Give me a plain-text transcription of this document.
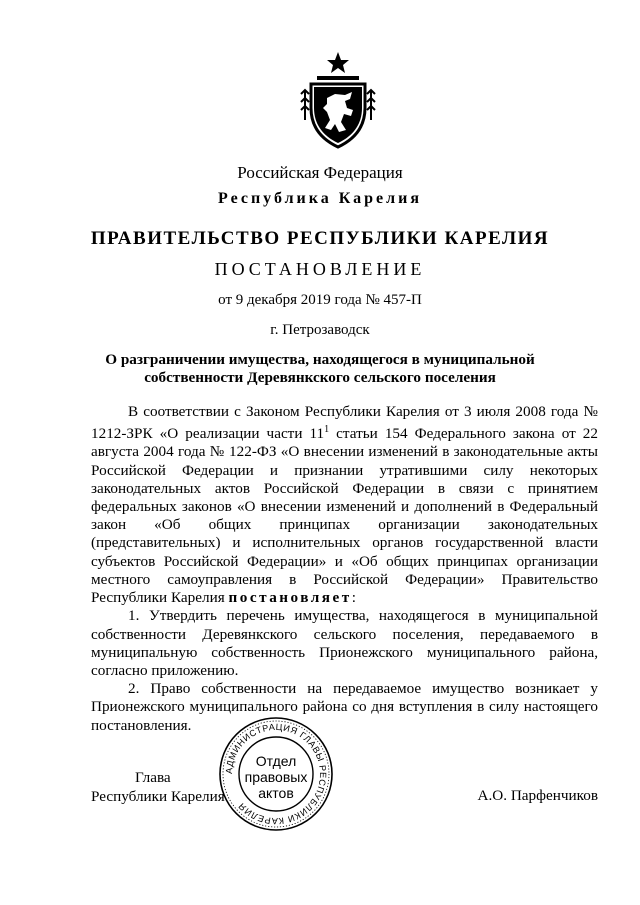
Российская Федерация
Республика Карелия
ПРАВИТЕЛЬСТВО РЕСПУБЛИКИ КАРЕЛИЯ
ПОСТАНОВЛЕНИЕ
от 9 декабря 2019 года № 457-П
г. Петрозаводск
О разграничении имущества, находящегося в муниципальной
собственности Деревянкского сельского поселения

В соответствии с Законом Республики Карелия от 3 июля 2008 года № 1212-ЗРК «О реализации части $11^1$ статьи 154 Федерального закона от 22 августа 2004 года № 122-ФЗ «О внесении изменений в законодательные акты Российской Федерации и признании утратившими силу некоторых законодательных актов Российской Федерации в связи с принятием федеральных законов «О внесении изменений и дополнений в Федеральный закон «Об общих принципах организации законодательных (представительных) и исполнительных органов государственной власти субъектов Российской Федерации» и «Об общих принципах организации местного самоуправления в Российской Федерации» Правительство Республики Карелия постановляет:

1. Утвердить перечень имущества, находящегося в муниципальной собственности Деревянкского сельского поселения, передаваемого в муниципальную собственность Прионежского муниципального района, согласно приложению.

2. Право собственности на передаваемое имущество возникает у Прионежского муниципального района со дня вступления в силу настоящего постановления.

Глава
Республики Карелия	А.О. Парфенчиков
АДМИНИСТРАЦИЯ ГЛАВЫ РЕСПУБЛИКИ КАРЕЛИЯ
Отдел
правовых
актов
